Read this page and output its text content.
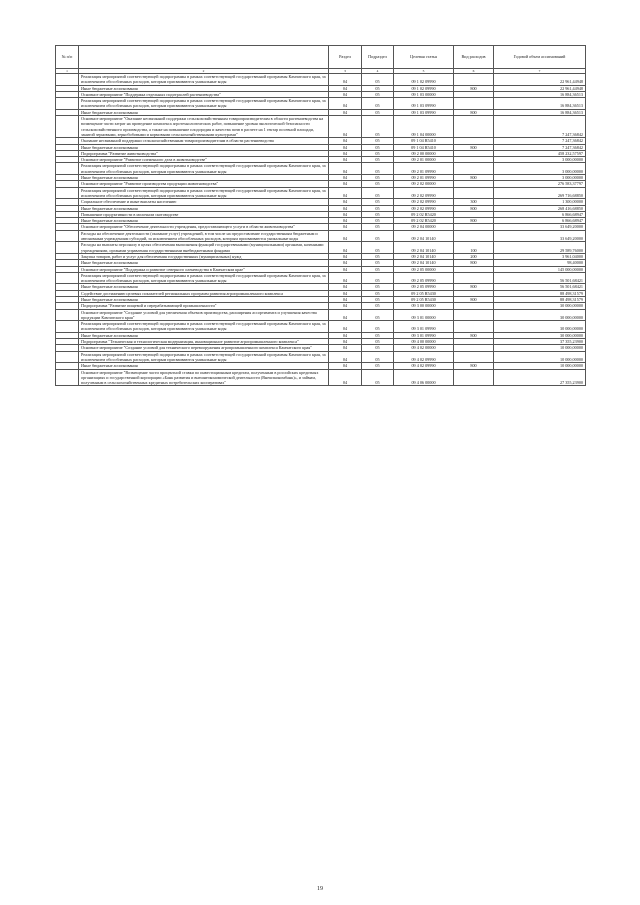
№ п/п		Раздел	Подраздел	Целевая статья	Вид расходов	Годовой объем ассигнований
1	2	3	4	5	6	7
	Реализация мероприятий соответствующей подпрограммы в рамках соответствующей государственной программы Камчатского края, за исключением обособленных расходов, которым присваиваются уникальные коды	04	05	09 1 02 09990		22 961,44948
	Иные бюджетные ассигнования	04	05	09 1 02 09990	800	22 961,44948
	Основное мероприятие "Поддержка отдельных подотраслей растениеводства"	04	05	09 1 03 00000		16 884,36513
	Реализация мероприятий соответствующей подпрограммы в рамках соответствующей государственной программы Камчатского края, за исключением обособленных расходов, которым присваиваются уникальные коды	04	05	09 1 03 09990		16 884,36513
	Иные бюджетные ассигнования	04	05	09 1 03 09990	800	16 884,36513
	Основное мероприятие "Оказание несвязанной поддержки сельскохозяйственным товаропроизводителям в области растениеводства на возмещение части затрат на проведение комплекса агротехнологических работ, повышение уровня экологической безопасности сельскохозяйственного производства, а также на повышение плодородия и качества почв в расчете на 1 гектар посевной площади, занятой зерновыми, зернобобовыми и кормовыми сельскохозяйственными культурами"	04	05	09 1 04 00000		7 247,36842
	Оказание несвязанной поддержки сельскохозяйственным товаропроизводителям в области растениеводства	04	05	09 1 04 R5410		7 247,36842
	Иные бюджетные ассигнования	04	05	09 1 04 R5410	800	7 247,36842
	Подпрограмма "Развитие животноводства"	04	05	09 2 00 00000		458 232,57597
	Основное мероприятие "Развитие племенного дела в животноводстве"	04	05	09 2 01 00000		3 000,00000
	Реализация мероприятий соответствующей подпрограммы в рамках соответствующей государственной программы Камчатского края, за исключением обособленных расходов, которым присваиваются уникальные коды	04	05	09 2 01 09990		3 000,00000
	Иные бюджетные ассигнования	04	05	09 2 01 09990	800	3 000,00000
	Основное мероприятие "Развитие производства продукции животноводства"	04	05	09 2 02 00000		276 583,37797
	Реализация мероприятий соответствующей подпрограммы в рамках соответствующей государственной программы Камчатского края, за исключением обособленных расходов, которым присваиваются уникальные коды	04	05	09 2 02 09990		269 716,68850
	Социальное обеспечение и иные выплаты населению	04	05	09 2 02 09990	300	1 300,00000
	Иные бюджетные ассигнования	04	05	09 2 02 09990	800	268 416,68850
	Повышение продуктивности в молочном скотоводстве	04	05	09 2 02 R5420		6 866,68947
	Иные бюджетные ассигнования	04	05	09 2 02 R5420	800	6 866,68947
	Основное мероприятие "Обеспечение деятельности учреждения, предоставляющего услуги в области животноводства"	04	05	09 2 04 00000		33 649,20000
	Расходы на обеспечение деятельности (оказание услуг) учреждений, в том числе на предоставление государственным бюджетным и автономным учреждениям субсидий, за исключением обособленных расходов, которым присваиваются уникальные коды	04	05	09 2 04 10140		33 649,20000
	Расходы на выплаты персоналу в целях обеспечения выполнения функций государственными (муниципальными) органами, казенными учреждениями, органами управления государственными внебюджетными фондами	04	05	09 2 04 10140	100	29 589,76000
	Закупка товаров, работ и услуг для обеспечения государственных (муниципальных) нужд	04	05	09 2 04 10140	200	3 961,04000
	Иные бюджетные ассигнования	04	05	09 2 04 10140	800	98,40000
	Основное мероприятие "Поддержка и развитие северного оленеводства в Камчатском крае"	04	05	09 2 05 00000		145 000,00000
	Реализация мероприятий соответствующей подпрограммы в рамках соответствующей государственной программы Камчатского края, за исключением обособленных расходов, которым присваиваются уникальные коды	04	05	09 2 05 09990		56 501,68421
	Иные бюджетные ассигнования	04	05	09 2 05 09990	800	56 501,68421
	Содействие достижению целевых показателей региональных программ развития агропромышленного комплекса	04	05	09 2 05 R5430		88 498,31579
	Иные бюджетные ассигнования	04	05	09 2 05 R5430	800	88 498,31579
	Подпрограмма "Развитие пищевой и перерабатывающей промышленности"	04	05	09 3 00 00000		30 000,00000
	Основное мероприятие "Создание условий для увеличения объемов производства, расширения ассортимента и улучшения качества продукции Камчатского края"	04	05	09 3 01 00000		30 000,00000
	Реализация мероприятий соответствующей подпрограммы в рамках соответствующей государственной программы Камчатского края, за исключением обособленных расходов, которым присваиваются уникальные коды	04	05	09 3 01 09990		30 000,00000
	Иные бюджетные ассигнования	04	05	09 3 01 09990	800	30 000,00000
	Подпрограмма "Техническая и технологическая модернизация, инновационное развитие агропромышленного комплекса"	04	05	09 4 00 00000		37 355,23900
	Основное мероприятие "Создание условий для технического перевооружения агропромышленного комплекса Камчатского края"	04	05	09 4 02 00000		10 000,00000
	Реализация мероприятий соответствующей подпрограммы в рамках соответствующей государственной программы Камчатского края, за исключением обособленных расходов, которым присваиваются уникальные коды	04	05	09 4 02 09990		10 000,00000
	Иные бюджетные ассигнования	04	05	09 4 02 09990	800	10 000,00000
	Основное мероприятие "Возмещение части процентной ставки по инвестиционным кредитам, полученным в российских кредитных организациях и государственной корпорации «Банк развития и внешнеэкономической деятельности (Внешэкономбанк)», и займам, полученным в сельскохозяйственных кредитных потребительских кооперативах"	04	05	09 4 06 00000		27 355,23900
19
